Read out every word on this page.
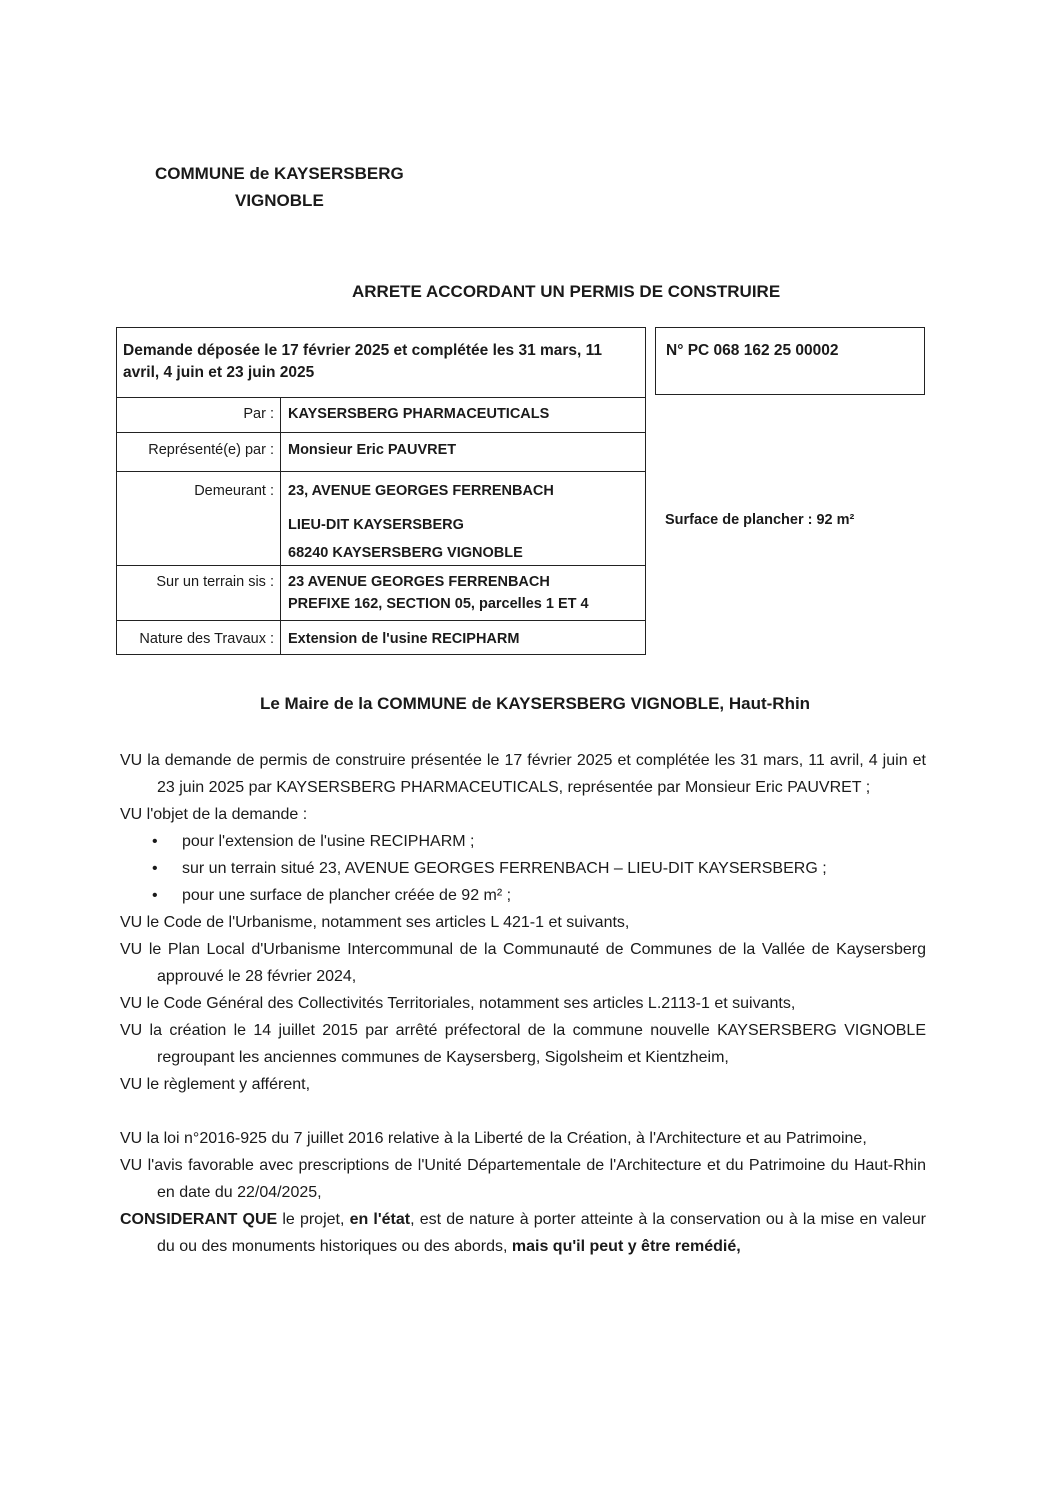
COMMUNE de KAYSERSBERG
VIGNOBLE
ARRETE ACCORDANT UN PERMIS DE CONSTRUIRE
Demande déposée le 17 février 2025 et complétée les 31 mars, 11 avril, 4 juin et 23 juin 2025
Par : KAYSERSBERG PHARMACEUTICALS
Représenté(e) par : Monsieur Eric PAUVRET
Demeurant : 23, AVENUE GEORGES FERRENBACH
LIEU-DIT KAYSERSBERG
68240 KAYSERSBERG VIGNOBLE
Sur un terrain sis : 23 AVENUE GEORGES FERRENBACH
PREFIXE 162, SECTION 05, parcelles 1 ET 4
Nature des Travaux : Extension de l'usine RECIPHARM
N° PC 068 162 25 00002
Surface de plancher : 92 m²
Le Maire de la COMMUNE de KAYSERSBERG VIGNOBLE, Haut-Rhin

VU la demande de permis de construire présentée le 17 février 2025 et complétée les 31 mars, 11 avril, 4 juin et 23 juin 2025 par KAYSERSBERG PHARMACEUTICALS, représentée par Monsieur Eric PAUVRET ;

VU l'objet de la demande :

• pour l'extension de l'usine RECIPHARM ;

• sur un terrain situé 23, AVENUE GEORGES FERRENBACH – LIEU-DIT KAYSERSBERG ;

• pour une surface de plancher créée de 92 m² ;

VU le Code de l'Urbanisme, notamment ses articles L 421-1 et suivants,

VU le Plan Local d'Urbanisme Intercommunal de la Communauté de Communes de la Vallée de Kaysersberg approuvé le 28 février 2024,

VU le Code Général des Collectivités Territoriales, notamment ses articles L.2113-1 et suivants,

VU la création le 14 juillet 2015 par arrêté préfectoral de la commune nouvelle KAYSERSBERG VIGNOBLE regroupant les anciennes communes de Kaysersberg, Sigolsheim et Kientzheim,

VU le règlement y afférent,

VU la loi n°2016-925 du 7 juillet 2016 relative à la Liberté de la Création, à l'Architecture et au Patrimoine,

VU l'avis favorable avec prescriptions de l'Unité Départementale de l'Architecture et du Patrimoine du Haut-Rhin en date du 22/04/2025,

CONSIDERANT QUE le projet, en l'état, est de nature à porter atteinte à la conservation ou à la mise en valeur du ou des monuments historiques ou des abords, mais qu'il peut y être remédié,
